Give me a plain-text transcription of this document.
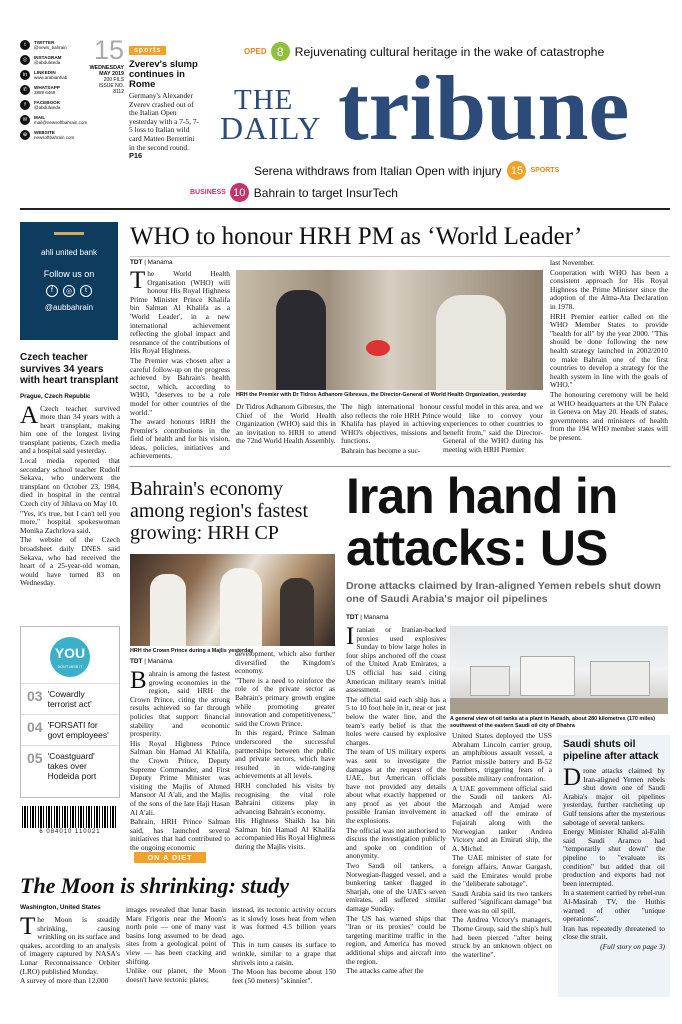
t	TWITTER
@news_bahrain
◎	INSTAGRAM
@abdulweda
in	LINKEDIN
www.arabianhab
✆	WHATSAPP
3889 6469
f	FACEBOOK
@abdulweda
✉	MAIL
mail@newsoftbahrain.com
⊕	WEBSITE
newsoftbahrain.com
15
WEDNESDAY
MAY 2019
200 FILS
ISSUE NO. 8112
sports
Zverev's slump continues in Rome
Germany's Alexander Zverev crashed out of the Italian Open yesterday with a 7-5, 7-5 loss to Italian wild card Matteo Berrettini in the second round. P16
OPED 8 Rejuvenating cultural heritage in the wake of catastrophe
THE
DAILY tribune
Serena withdraws from Italian Open with injury 15	SPORTS
BUSINESS 10 Bahrain to target InsurTech
ahli united bank
Follow us on
f	◎	t
@aubbahrain
Czech teacher survives 34 years with heart transplant
Prague, Czech Republic

A Czech teacher survived more than 34 years with a heart transplant, making him one of the longest living transplant patients, Czech media and a hospital said yesterday.

Local media reported that secondary school teacher Rudolf Sekava, who underwent the transplant on October 23, 1984, died in hospital in the central Czech city of Jihlava on May 10.

"Yes, it's true, but I can't tell you more," hospital spokeswoman Monika Zachrlova said.

The website of the Czech broadsheet daily DNES said Sekava, who had received the heart of a 25-year-old woman, would have turned 83 on Wednesday.

YOU
DON'T MISS IT
03 'Cowardly terrorist act'
04 'FORSATI for govt employees'
05 'Coastguard' takes over Hodeida port
6 084010 110021
WHO to honour HRH PM as ‘World Leader’
TDT | Manama

The World Health Organisation (WHO) will honour His Royal Highness Prime Minister Prince Khalifa bin Salman Al Khalifa as a 'World Leader', in a new international achievement reflecting the global impact and resonance of the contributions of His Royal Highness.

The Premier was chosen after a careful follow-up on the progress achieved by Bahrain's health sector, which, according to WHO, "deserves to be a role model for other countries of the world."

The award honours HRH the Premier's contributions in the field of health and for his vision, ideas, policies, initiatives and achievements.

HRH the Premier with Dr Tidros Adhanom Gibresus, the Director-General of World Health Organization, yesterday

Dr Tidros Adhanom Gibresus, the Chief of the World Health Organization (WHO) said this in an invitation to HRH to attend the 72nd World Health Assembly.

The high international honour also reflects the role HRH Prince Khalifa has played in achieving WHO's objectives, missions and functions.

Bahrain has become a suc-

cessful model in this area, and we would like to convey your experiences to other countries to benefit from," said the Director-General of the WHO during his meeting with HRH Premier

last November.

Cooperation with WHO has been a consistent approach for His Royal Highness the Prime Minister since the adoption of the Alma-Ata Declaration in 1978.

HRH Premier earlier called on the WHO Member States to provide "health for all" by the year 2000. "This should be done following the new health strategy launched in 2002/2010 to make Bahrain one of the first countries to develop a strategy for the health system in line with the goals of WHO."

The honouring ceremony will be held at WHO headquarters at the UN Palace in Geneva on May 20. Heads of states, governments and ministers of health from the 194 WHO member states will be present.

Bahrain's economy among region's fastest growing: HRH CP
HRH the Crown Prince during a Majlis yesterday
TDT | Manama

Bahrain is among the fastest growing economies in the region, said HRH the Crown Prince, citing the strong results achieved so far through policies that support financial stability and economic prosperity.

His Royal Highness Prince Salman bin Hamad Al Khalifa, the Crown Prince, Deputy Supreme Commander, and First Deputy Prime Minister was visiting the Majlis of Ahmed Mansoor Al A'ali, and the Majlis of the sons of the late Haji Hasan Al A'ali.

Bahrain, HRH Prince Salman said, has launched several initiatives that had contributed to the ongoing economic

development, which also further diversified the Kingdom's economy.

"There is a need to reinforce the role of the private sector as Bahrain's primary growth engine while promoting greater innovation and competitiveness," said the Crown Prince.

In this regard, Prince Salman underscored the successful partnerships between the public and private sectors, which have resulted in wide-ranging achievements at all levels.

HRH concluded his visits by recognising the vital role Bahraini citizens play in advancing Bahrain's economy.

His Highness Shaikh Isa bin Salman bin Hamad Al Khalifa accompanied His Royal Highness during the Majlis visits.

Iran hand in attacks: US
Drone attacks claimed by Iran-aligned Yemen rebels shut down one of Saudi Arabia's major oil pipelines
TDT | Manama

Iranian or Iranian-backed proxies used explosives Sunday to blow large holes in four ships anchored off the coast of the United Arab Emirates, a US official has said citing American military team's initial assessment.

The official said each ship has a 5 to 10 foot hole in it, near or just below the water line, and the team's early belief is that the holes were caused by explosive charges.

The team of US military experts was sent to investigate the damages at the request of the UAE, but American officials have not provided any details about what exactly happened or any proof as yet about the possible Iranian involvement in the explosions.

The official was not authorised to discuss the investigation publicly and spoke on condition of anonymity.

Two Saudi oil tankers, a Norwegian-flagged vessel, and a bunkering tanker flagged in Sharjah, one of the UAE's seven emirates, all suffered similar damage Sunday.

The US has warned ships that "Iran or its proxies" could be targeting maritime traffic in the region, and America has moved additional ships and aircraft into the region.

The attacks came after the

A general view of oil tanks at a plant in Haradh, about 280 kilometres (170 miles) southwest of the eastern Saudi oil city of Dhahra

United States deployed the USS Abraham Lincoln carrier group, an amphibious assault vessel, a Patriot missile battery and B-52 bombers, triggering fears of a possible military confrontation.

A UAE government official said the Saudi oil tankers Al-Marzoqah and Amjad were attacked off the emirate of Fujairah along with the Norwegian tanker Andrea Victory and an Emirati ship, the A. Michel.

The UAE minister of state for foreign affairs, Anwar Gargash, said the Emirates would probe the "deliberate sabotage".

Saudi Arabia said its two tankers suffered "significant damage" but there was no oil spill.

The Andrea Victory's managers, Thome Group, said the ship's hull had been pierced "after being struck by an unknown object on the waterline".

Saudi shuts oil pipeline after attack

Drone attacks claimed by Iran-aligned Yemen rebels shut down one of Saudi Arabia's major oil pipelines yesterday, further ratcheting up Gulf tensions after the mysterious sabotage of several tankers.

Energy Minister Khalid al-Falih said Saudi Aramco had "temporarily shut down" the pipeline to "evaluate its condition" but added that oil production and exports had not been interrupted.

In a statement carried by rebel-run Al-Masirah TV, the Huthis warned of other "unique operations".

Iran has repeatedly threatened to close the strait.

(Full story on page 3)

ON A DIET
The Moon is shrinking: study
Washington, United States

The Moon is steadily shrinking, causing wrinkling on its surface and quakes, according to an analysis of imagery captured by NASA's Lunar Reconnaissance Orbiter (LRO) published Monday.

A survey of more than 12,000

images revealed that lunar basin Mare Frigoris near the Moon's north pole — one of many vast basins long assumed to be dead sites from a geological point of view — has been cracking and shifting.

Unlike our planet, the Moon doesn't have tectonic plates;

instead, its tectonic activity occurs as it slowly loses heat from when it was formed 4.5 billion years ago.

This in turn causes its surface to wrinkle, similar to a grape that shrivels into a raisin.

The Moon has become about 150 feet (50 meters) "skinnier".
